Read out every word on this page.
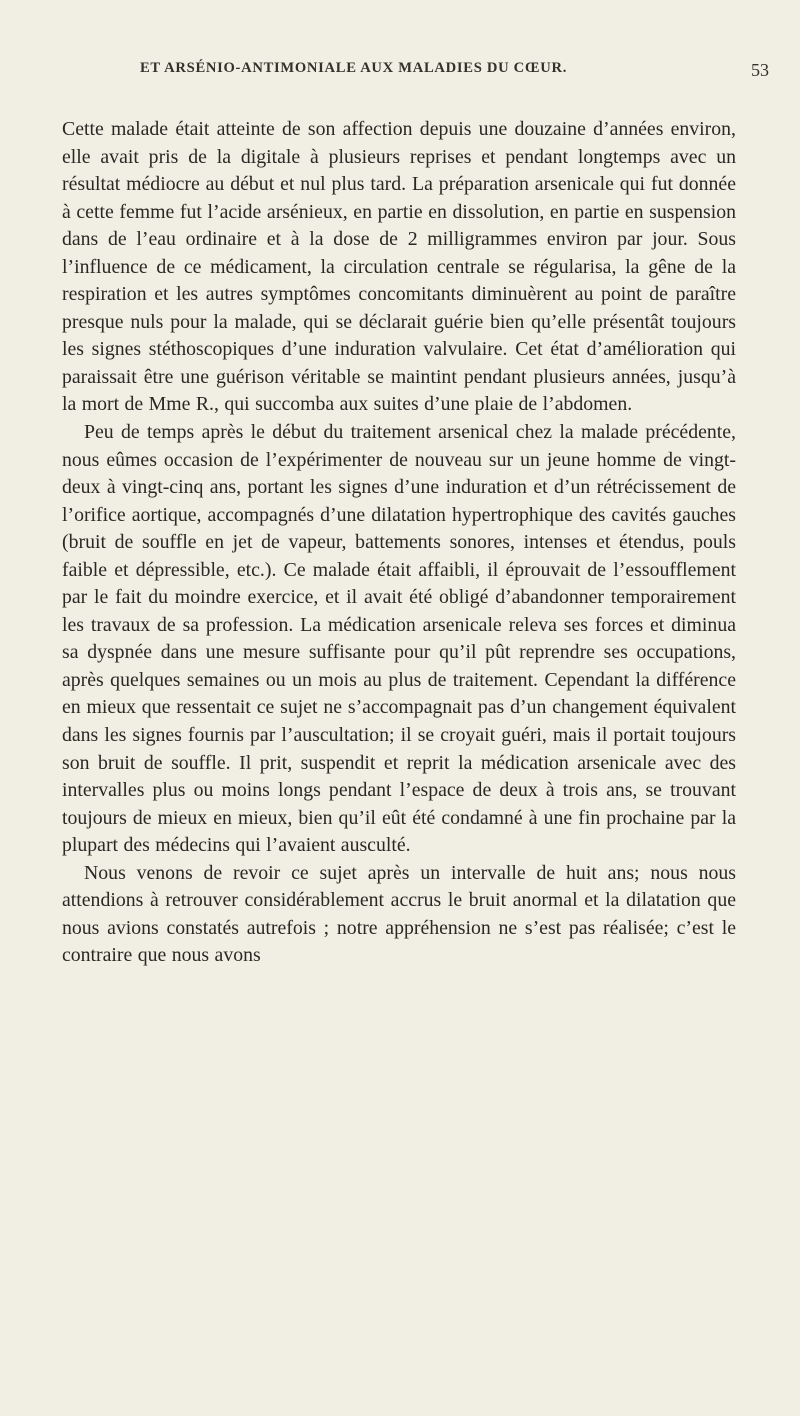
ET ARSÉNIO-ANTIMONIALE AUX MALADIES DU CŒUR.	53

Cette malade était atteinte de son affection depuis une douzaine d’années environ, elle avait pris de la digitale à plusieurs reprises et pendant longtemps avec un résultat médiocre au début et nul plus tard. La préparation arsenicale qui fut donnée à cette femme fut l’acide arsénieux, en partie en dissolution, en partie en suspension dans de l’eau ordinaire et à la dose de 2 milligrammes environ par jour. Sous l’influence de ce médicament, la circulation centrale se régularisa, la gêne de la respiration et les autres symptômes concomitants diminuèrent au point de paraître presque nuls pour la malade, qui se déclarait guérie bien qu’elle présentât toujours les signes stéthoscopiques d’une induration valvulaire. Cet état d’amélioration qui paraissait être une guérison véritable se maintint pendant plusieurs années, jusqu’à la mort de Mme R., qui succomba aux suites d’une plaie de l’abdomen.

Peu de temps après le début du traitement arsenical chez la malade précédente, nous eûmes occasion de l’expérimenter de nouveau sur un jeune homme de vingt-deux à vingt-cinq ans, portant les signes d’une induration et d’un rétrécissement de l’orifice aortique, accompagnés d’une dilatation hypertrophique des cavités gauches (bruit de souffle en jet de vapeur, battements sonores, intenses et étendus, pouls faible et dépressible, etc.). Ce malade était affaibli, il éprouvait de l’essoufflement par le fait du moindre exercice, et il avait été obligé d’abandonner temporairement les travaux de sa profession. La médication arsenicale releva ses forces et diminua sa dyspnée dans une mesure suffisante pour qu’il pût reprendre ses occupations, après quelques semaines ou un mois au plus de traitement. Cependant la différence en mieux que ressentait ce sujet ne s’accompagnait pas d’un changement équivalent dans les signes fournis par l’auscultation; il se croyait guéri, mais il portait toujours son bruit de souffle. Il prit, suspendit et reprit la médication arsenicale avec des intervalles plus ou moins longs pendant l’espace de deux à trois ans, se trouvant toujours de mieux en mieux, bien qu’il eût été condamné à une fin prochaine par la plupart des médecins qui l’avaient ausculté.

Nous venons de revoir ce sujet après un intervalle de huit ans; nous nous attendions à retrouver considérablement accrus le bruit anormal et la dilatation que nous avions constatés autrefois ; notre appréhension ne s’est pas réalisée; c’est le contraire que nous avons
